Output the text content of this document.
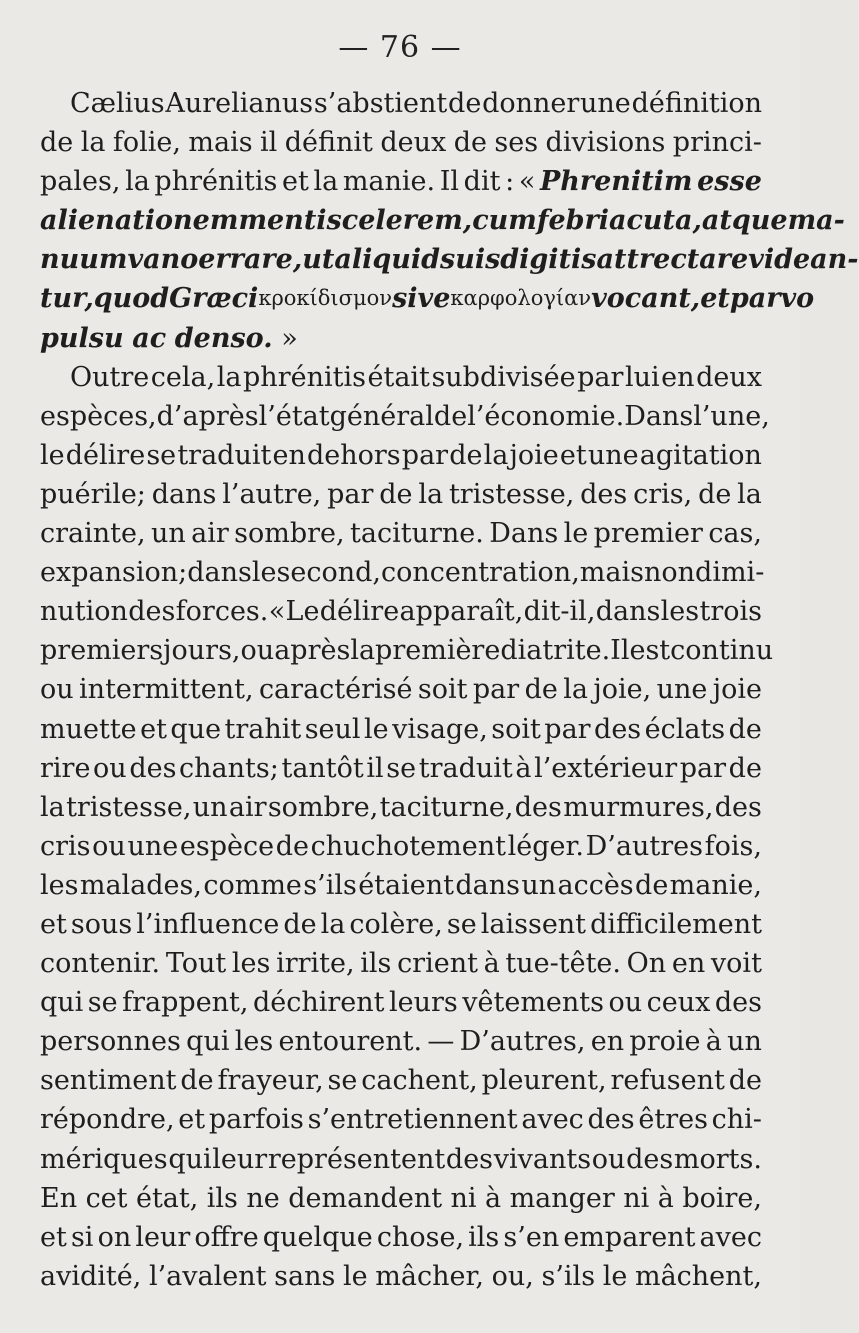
— 76 —
Cælius Aurelianus s’abstient de donner une définition
de la folie, mais il définit deux de ses divisions princi-
pales, la phrénitis et la manie. Il dit : « Phrenitim esse
alienationem mentis celerem, cum febri acuta, atque ma-
nuum vano errare, ut aliquid suis digitis attrectare videan-
tur, quod Græci κροκίδισμον sive καρφολογίαν vocant, et parvo
pulsu ac denso. »
Outre cela, la phrénitis était subdivisée par lui en deux
espèces, d’après l’état général de l’économie. Dans l’une,
le délire se traduit en dehors par de la joie et une agitation
puérile; dans l’autre, par de la tristesse, des cris, de la
crainte, un air sombre, taciturne. Dans le premier cas,
expansion; dans le second, concentration, mais non dimi-
nution des forces. « Le délire apparaît, dit-il, dans les trois
premiers jours, ou après la première diatrite. Il est continu
ou intermittent, caractérisé soit par de la joie, une joie
muette et que trahit seul le visage, soit par des éclats de
rire ou des chants; tantôt il se traduit à l’extérieur par de
la tristesse, un air sombre, taciturne, des murmures, des
cris ou une espèce de chuchotement léger. D’autres fois,
les malades, comme s’ils étaient dans un accès de manie,
et sous l’influence de la colère, se laissent difficilement
contenir. Tout les irrite, ils crient à tue-tête. On en voit
qui se frappent, déchirent leurs vêtements ou ceux des
personnes qui les entourent. — D’autres, en proie à un
sentiment de frayeur, se cachent, pleurent, refusent de
répondre, et parfois s’entretiennent avec des êtres chi-
mériques qui leur représentent des vivants ou des morts.
En cet état, ils ne demandent ni à manger ni à boire,
et si on leur offre quelque chose, ils s’en emparent avec
avidité, l’avalent sans le mâcher, ou, s’ils le mâchent,
